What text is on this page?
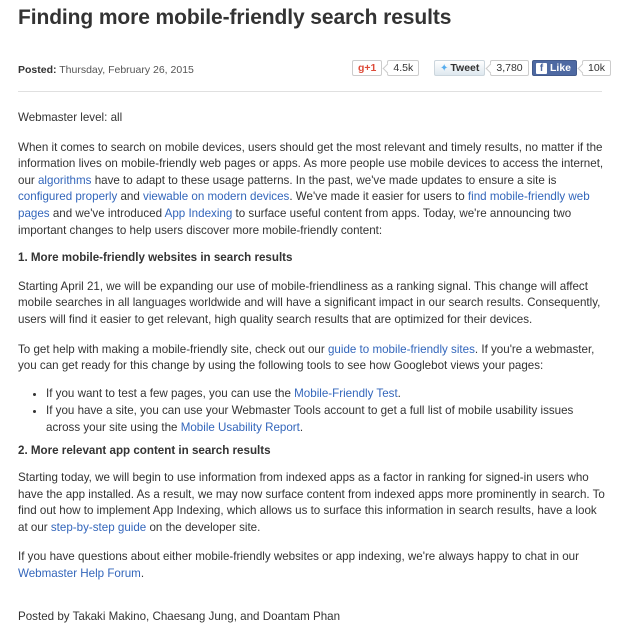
Finding more mobile-friendly search results
Posted: Thursday, February 26, 2015	g +1	4.5k	✦ Tweet	3,780	f Like	10k

Webmaster level: all

When it comes to search on mobile devices, users should get the most relevant and timely results, no matter if the information lives on mobile-friendly web pages or apps. As more people use mobile devices to access the internet, our algorithms have to adapt to these usage patterns. In the past, we've made updates to ensure a site is configured properly and viewable on modern devices. We've made it easier for users to find mobile-friendly web pages and we've introduced App Indexing to surface useful content from apps. Today, we're announcing two important changes to help users discover more mobile-friendly content:

1. More mobile-friendly websites in search results

Starting April 21, we will be expanding our use of mobile-friendliness as a ranking signal. This change will affect mobile searches in all languages worldwide and will have a significant impact in our search results. Consequently, users will find it easier to get relevant, high quality search results that are optimized for their devices.

To get help with making a mobile-friendly site, check out our guide to mobile-friendly sites. If you're a webmaster, you can get ready for this change by using the following tools to see how Googlebot views your pages:

• If you want to test a few pages, you can use the Mobile-Friendly Test.
• If you have a site, you can use your Webmaster Tools account to get a full list of mobile usability issues across your site using the Mobile Usability Report.
2. More relevant app content in search results

Starting today, we will begin to use information from indexed apps as a factor in ranking for signed-in users who have the app installed. As a result, we may now surface content from indexed apps more prominently in search. To find out how to implement App Indexing, which allows us to surface this information in search results, have a look at our step-by-step guide on the developer site.

If you have questions about either mobile-friendly websites or app indexing, we're always happy to chat in our Webmaster Help Forum.

Posted by Takaki Makino, Chaesang Jung, and Doantam Phan
